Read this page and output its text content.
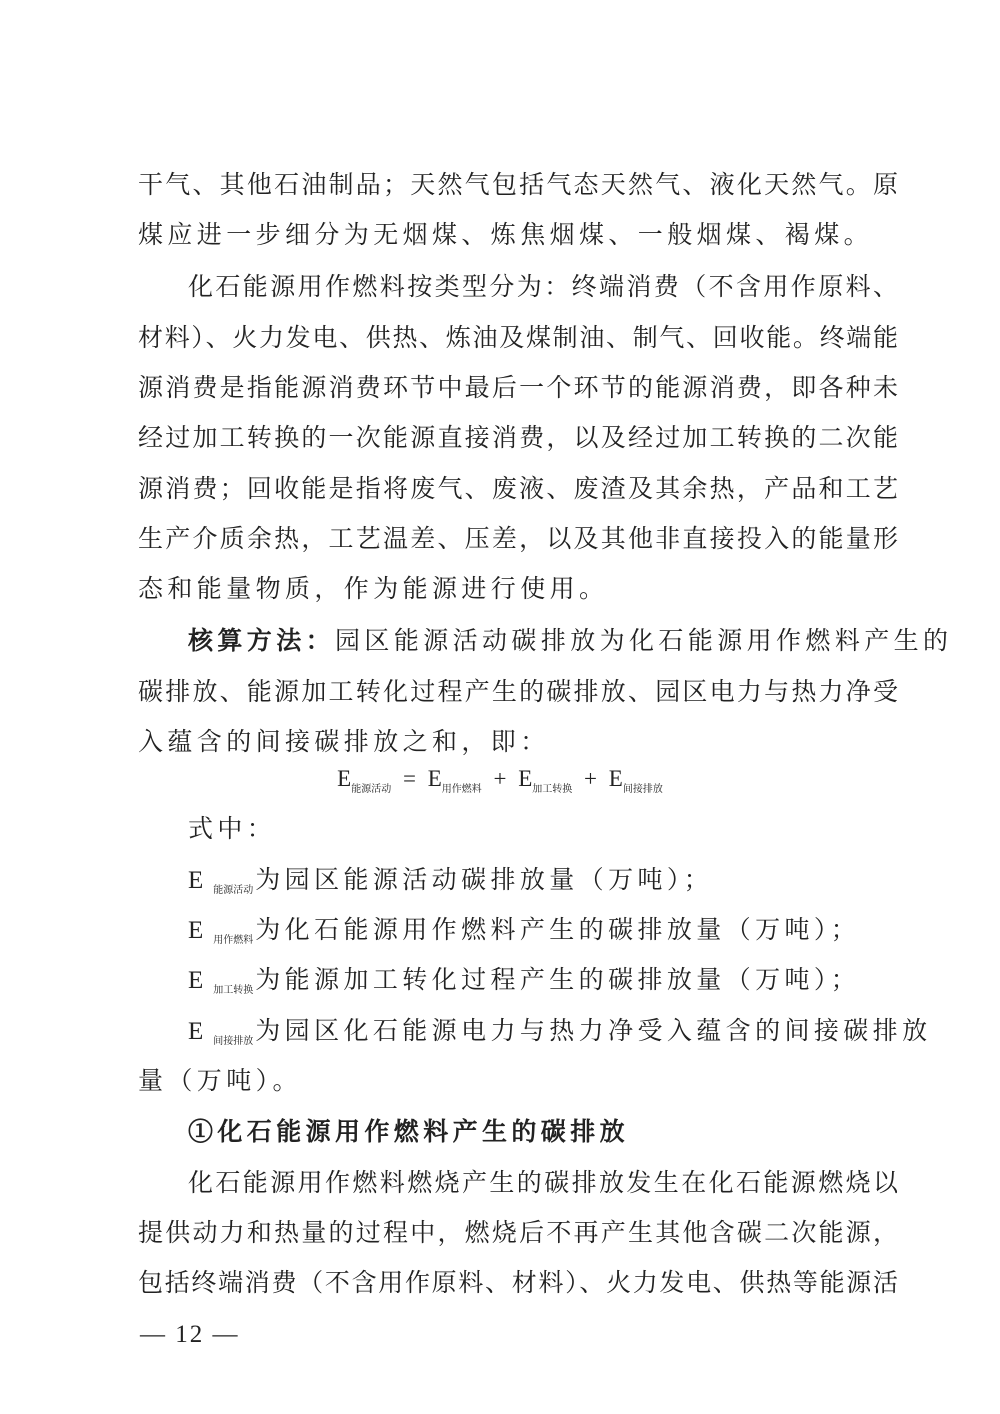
干气、其他石油制品；天然气包括气态天然气、液化天然气。原
煤应进一步细分为无烟煤、炼焦烟煤、一般烟煤、褐煤。
化石能源用作燃料按类型分为：终端消费（不含用作原料、
材料）、火力发电、供热、炼油及煤制油、制气、回收能。终端能
源消费是指能源消费环节中最后一个环节的能源消费，即各种未
经过加工转换的一次能源直接消费，以及经过加工转换的二次能
源消费；回收能是指将废气、废液、废渣及其余热，产品和工艺
生产介质余热，工艺温差、压差，以及其他非直接投入的能量形
态和能量物质，作为能源进行使用。
核算方法：园区能源活动碳排放为化石能源用作燃料产生的
碳排放、能源加工转化过程产生的碳排放、园区电力与热力净受
入蕴含的间接碳排放之和，即：
$E_{能源活动} = E_{用作燃料} + E_{加工转换} + E_{间接排放}$
式中：
E $_{能源活动}$为园区能源活动碳排放量（万吨）；
E $_{用作燃料}$为化石能源用作燃料产生的碳排放量（万吨）；
E $_{加工转换}$为能源加工转化过程产生的碳排放量（万吨）；
E $_{间接排放}$为园区化石能源电力与热力净受入蕴含的间接碳排放
量（万吨）。
①化石能源用作燃料产生的碳排放
化石能源用作燃料燃烧产生的碳排放发生在化石能源燃烧以
提供动力和热量的过程中，燃烧后不再产生其他含碳二次能源，
包括终端消费（不含用作原料、材料）、火力发电、供热等能源活
— 12 —
